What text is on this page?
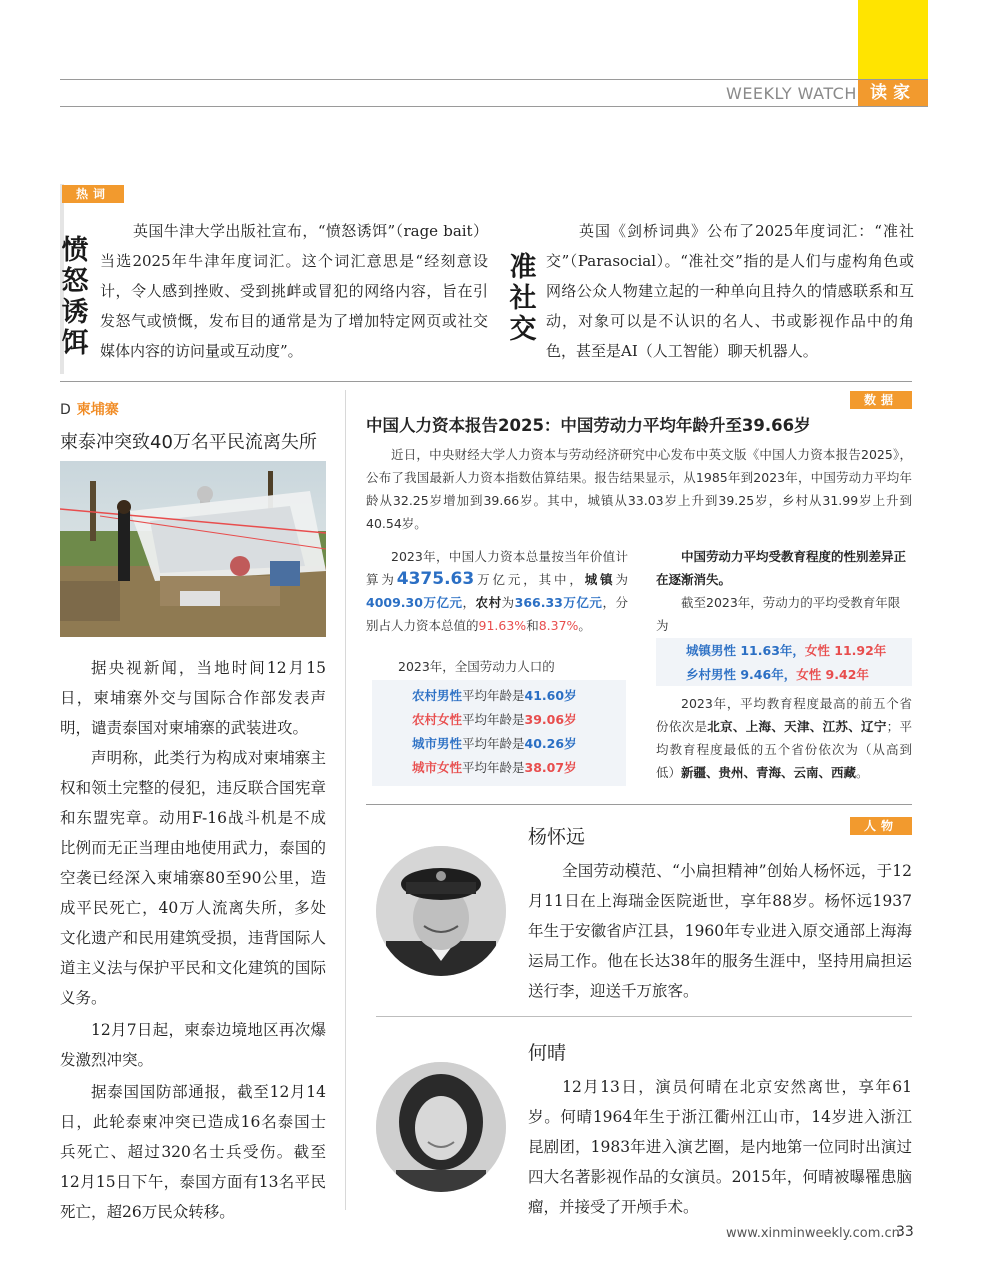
WEEKLY WATCH 读家
热词
愤
怒
诱
饵
英国牛津大学出版社宣布，“愤怒诱饵”（rage bait）当选2025年牛津年度词汇。这个词汇意思是“经刻意设计，令人感到挫败、受到挑衅或冒犯的网络内容，旨在引发怒气或愤慨，发布目的通常是为了增加特定网页或社交媒体内容的访问量或互动度”。
准
社
交
英国《剑桥词典》公布了2025年度词汇：“准社交”（Parasocial）。“准社交”指的是人们与虚构角色或网络公众人物建立起的一种单向且持久的情感联系和互动，对象可以是不认识的名人、书或影视作品中的角色，甚至是AI（人工智能）聊天机器人。
D 柬埔寨
柬泰冲突致40万名平民流离失所

据央视新闻，当地时间12月15日，柬埔寨外交与国际合作部发表声明，谴责泰国对柬埔寨的武装进攻。

声明称，此类行为构成对柬埔寨主权和领土完整的侵犯，违反联合国宪章和东盟宪章。动用F-16战斗机是不成比例而无正当理由地使用武力，泰国的空袭已经深入柬埔寨80至90公里，造成平民死亡，40万人流离失所，多处文化遗产和民用建筑受损，违背国际人道主义法与保护平民和文化建筑的国际义务。

12月7日起，柬泰边境地区再次爆发激烈冲突。

据泰国国防部通报，截至12月14日，此轮泰柬冲突已造成16名泰国士兵死亡、超过320名士兵受伤。截至12月15日下午，泰国方面有13名平民死亡，超26万民众转移。

数据
中国人力资本报告2025：中国劳动力平均年龄升至39.66岁
近日，中央财经大学人力资本与劳动经济研究中心发布中英文版《中国人力资本报告2025》，公布了我国最新人力资本指数估算结果。报告结果显示，从1985年到2023年，中国劳动力平均年龄从32.25岁增加到39.66岁。其中，城镇从33.03岁上升到39.25岁，乡村从31.99岁上升到40.54岁。
2023年，中国人力资本总量按当年价值计算为4375.63万亿元，其中，城镇为4009.30万亿元，农村为366.33万亿元，分别占人力资本总值的91.63%和8.37%。
2023年，全国劳动力人口的
农村男性平均年龄是41.60岁
农村女性平均年龄是39.06岁
城市男性平均年龄是40.26岁
城市女性平均年龄是38.07岁
中国劳动力平均受教育程度的性别差异正在逐渐消失。
截至2023年，劳动力的平均受教育年限为
城镇男性 11.63年，女性 11.92年
乡村男性 9.46年，女性 9.42年
2023年，平均教育程度最高的前五个省份依次是北京、上海、天津、江苏、辽宁；平均教育程度最低的五个省份依次为（从高到低）新疆、贵州、青海、云南、西藏。
人物
杨怀远
全国劳动模范、“小扁担精神”创始人杨怀远，于12月11日在上海瑞金医院逝世，享年88岁。杨怀远1937年生于安徽省庐江县，1960年专业进入原交通部上海海运局工作。他在长达38年的服务生涯中，坚持用扁担运送行李，迎送千万旅客。
何晴
12月13日，演员何晴在北京安然离世，享年61岁。何晴1964年生于浙江衢州江山市，14岁进入浙江昆剧团，1983年进入演艺圈，是内地第一位同时出演过四大名著影视作品的女演员。2015年，何晴被曝罹患脑瘤，并接受了开颅手术。
www.xinminweekly.com.cn
33
